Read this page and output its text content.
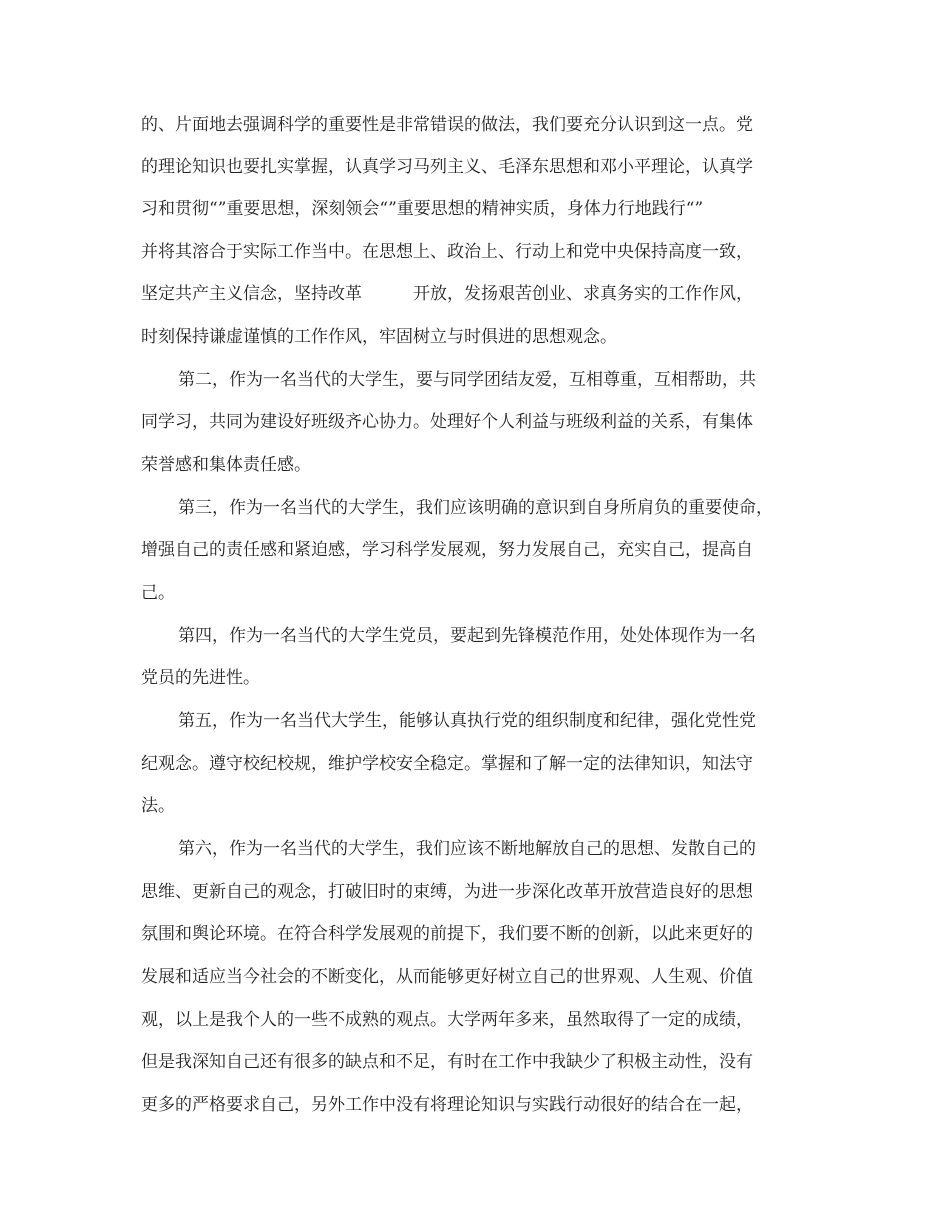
的、片面地去强调科学的重要性是非常错误的做法，我们要充分认识到这一点。党
的理论知识也要扎实掌握，认真学习马列主义、毛泽东思想和邓小平理论，认真学
习和贯彻“”重要思想，深刻领会“”重要思想的精神实质，身体力行地践行“”
并将其溶合于实际工作当中。在思想上、政治上、行动上和党中央保持高度一致，
坚定共产主义信念，坚持改革　　　开放，发扬艰苦创业、求真务实的工作作风，
时刻保持谦虚谨慎的工作作风，牢固树立与时俱进的思想观念。
第二，作为一名当代的大学生，要与同学团结友爱，互相尊重，互相帮助，共
同学习，共同为建设好班级齐心协力。处理好个人利益与班级利益的关系，有集体
荣誉感和集体责任感。
第三，作为一名当代的大学生，我们应该明确的意识到自身所肩负的重要使命，
增强自己的责任感和紧迫感，学习科学发展观，努力发展自己，充实自己，提高自
己。
第四，作为一名当代的大学生党员，要起到先锋模范作用，处处体现作为一名
党员的先进性。
第五，作为一名当代大学生，能够认真执行党的组织制度和纪律，强化党性党
纪观念。遵守校纪校规，维护学校安全稳定。掌握和了解一定的法律知识，知法守
法。
第六，作为一名当代的大学生，我们应该不断地解放自己的思想、发散自己的
思维、更新自己的观念，打破旧时的束缚，为进一步深化改革开放营造良好的思想
氛围和舆论环境。在符合科学发展观的前提下，我们要不断的创新，以此来更好的
发展和适应当今社会的不断变化，从而能够更好树立自己的世界观、人生观、价值
观，以上是我个人的一些不成熟的观点。大学两年多来，虽然取得了一定的成绩，
但是我深知自己还有很多的缺点和不足，有时在工作中我缺少了积极主动性，没有
更多的严格要求自己，另外工作中没有将理论知识与实践行动很好的结合在一起，
